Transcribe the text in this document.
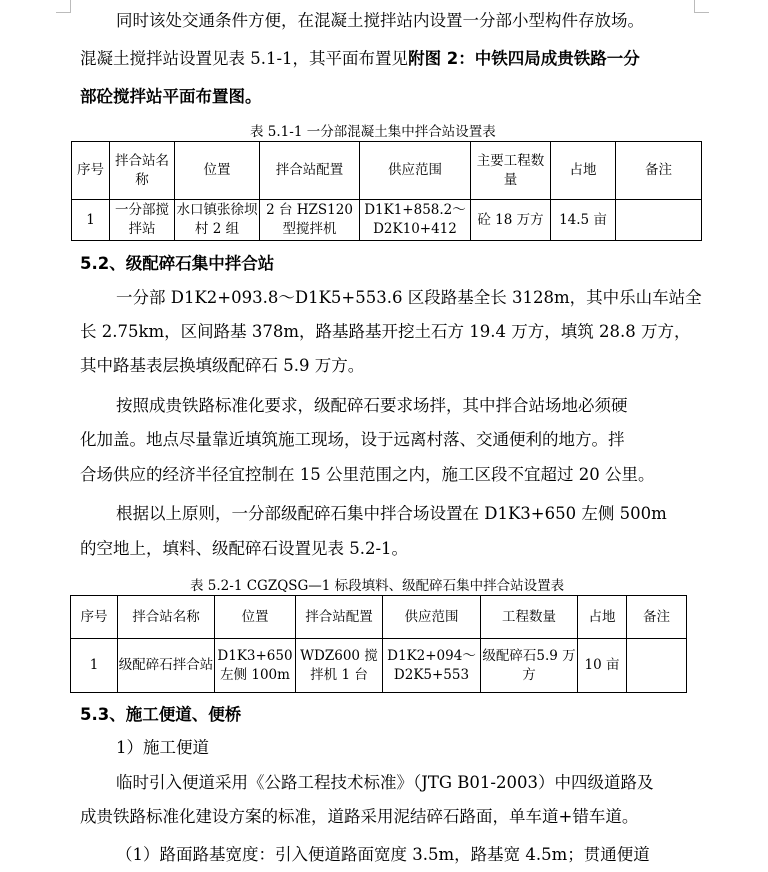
同时该处交通条件方便，在混凝土搅拌站内设置一分部小型构件存放场。
混凝土搅拌站设置见表 5.1-1，其平面布置见附图 2：中铁四局成贵铁路一分
部砼搅拌站平面布置图。
表 5.1-1 一分部混凝土集中拌合站设置表
序号	拌合站名称	位置	拌合站配置	供应范围	主要工程数量	占地	备注
1	一分部搅拌站	水口镇张徐坝村 2 组	2 台 HZS120型搅拌机	D1K1+858.2～D2K10+412	砼 18 万方	14.5 亩	
5.2、级配碎石集中拌合站
一分部 D1K2+093.8～D1K5+553.6 区段路基全长 3128m，其中乐山车站全
长 2.75km，区间路基 378m，路基路基开挖土石方 19.4 万方，填筑 28.8 万方，
其中路基表层换填级配碎石 5.9 万方。
按照成贵铁路标准化要求，级配碎石要求场拌，其中拌合站场地必须硬
化加盖。地点尽量靠近填筑施工现场，设于远离村落、交通便利的地方。拌
合场供应的经济半径宜控制在 15 公里范围之内，施工区段不宜超过 20 公里。
根据以上原则，一分部级配碎石集中拌合场设置在 D1K3+650 左侧 500m
的空地上，填料、级配碎石设置见表 5.2-1。
表 5.2-1 CGZQSG—1 标段填料、级配碎石集中拌合站设置表
序号	拌合站名称	位置	拌合站配置	供应范围	工程数量	占地	备注
1	级配碎石拌合站	D1K3+650左侧 100m	WDZ600 搅拌机 1 台	D1K2+094～D2K5+553	级配碎石5.9 万方	10 亩	
5.3、施工便道、便桥
1）施工便道
临时引入便道采用《公路工程技术标准》（JTG B01-2003）中四级道路及
成贵铁路标准化建设方案的标准，道路采用泥结碎石路面，单车道+错车道。
（1）路面路基宽度：引入便道路面宽度 3.5m，路基宽 4.5m；贯通便道
